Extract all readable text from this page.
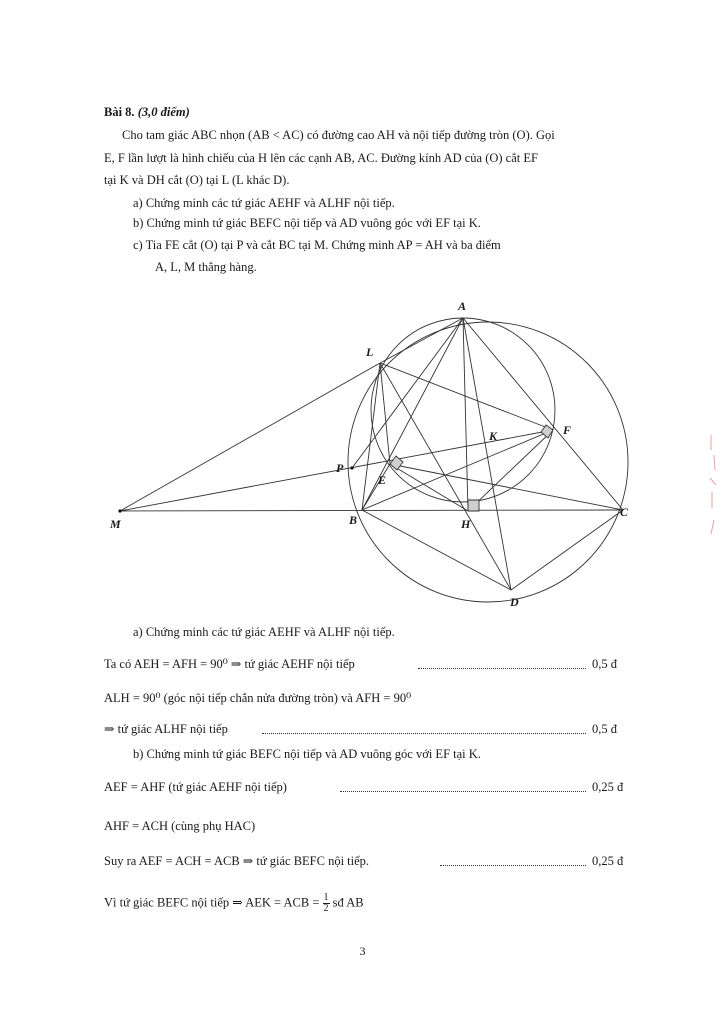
Bài 8. (3,0 điểm)
Cho tam giác ABC nhọn (AB < AC) có đường cao AH và nội tiếp đường tròn (O). Gọi
E, F lần lượt là hình chiếu của H lên các cạnh AB, AC. Đường kính AD của (O) cắt EF
tại K và DH cắt (O) tại L (L khác D).
a) Chứng minh các tứ giác AEHF và ALHF nội tiếp.
b) Chứng minh tứ giác BEFC nội tiếp và AD vuông góc với EF tại K.
c) Tia FE cắt (O) tại P và cắt BC tại M. Chứng minh AP = AH và ba điểm
A, L, M thẳng hàng.
A
L
K	F
P
E
M	B	H
C
D
a) Chứng minh các tứ giác AEHF và ALHF nội tiếp.
Ta có AEH = AFH = 90⁰ ⇒ tứ giác AEHF nội tiếp	0,5 đ
ALH = 90⁰ (góc nội tiếp chắn nửa đường tròn) và AFH = 90⁰
⇒ tứ giác ALHF nội tiếp	0,5 đ
b) Chứng minh tứ giác BEFC nội tiếp và AD vuông góc với EF tại K.
AEF = AHF (tứ giác AEHF nội tiếp)	0,25 đ
AHF = ACH (cùng phụ HAC)
Suy ra AEF = ACH = ACB ⇒ tứ giác BEFC nội tiếp.	0,25 đ
Vì tứ giác BEFC nội tiếp ⇒ AEK = ACB = $\frac{1}{2}$ sđ AB
3
